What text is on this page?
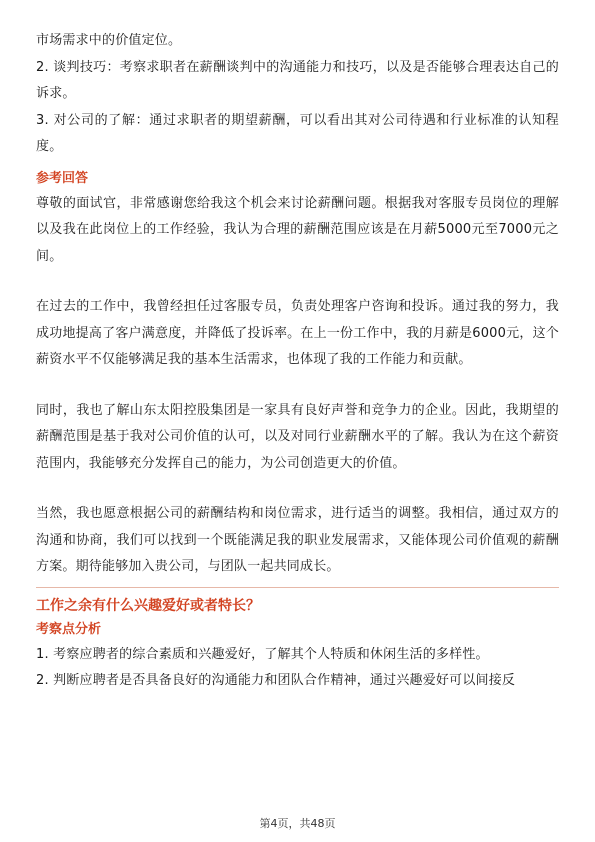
市场需求中的价值定位。

2. 谈判技巧：考察求职者在薪酬谈判中的沟通能力和技巧，以及是否能够合理表达自己的诉求。

3. 对公司的了解：通过求职者的期望薪酬，可以看出其对公司待遇和行业标准的认知程度。

参考回答

尊敬的面试官，非常感谢您给我这个机会来讨论薪酬问题。根据我对客服专员岗位的理解以及我在此岗位上的工作经验，我认为合理的薪酬范围应该是在月薪5000元至7000元之间。

在过去的工作中，我曾经担任过客服专员，负责处理客户咨询和投诉。通过我的努力，我成功地提高了客户满意度，并降低了投诉率。在上一份工作中，我的月薪是6000元，这个薪资水平不仅能够满足我的基本生活需求，也体现了我的工作能力和贡献。

同时，我也了解山东太阳控股集团是一家具有良好声誉和竞争力的企业。因此，我期望的薪酬范围是基于我对公司价值的认可，以及对同行业薪酬水平的了解。我认为在这个薪资范围内，我能够充分发挥自己的能力，为公司创造更大的价值。

当然，我也愿意根据公司的薪酬结构和岗位需求，进行适当的调整。我相信，通过双方的沟通和协商，我们可以找到一个既能满足我的职业发展需求，又能体现公司价值观的薪酬方案。期待能够加入贵公司，与团队一起共同成长。

工作之余有什么兴趣爱好或者特长？
考察点分析

1. 考察应聘者的综合素质和兴趣爱好，了解其个人特质和休闲生活的多样性。

2. 判断应聘者是否具备良好的沟通能力和团队合作精神，通过兴趣爱好可以间接反

第4页，共48页
